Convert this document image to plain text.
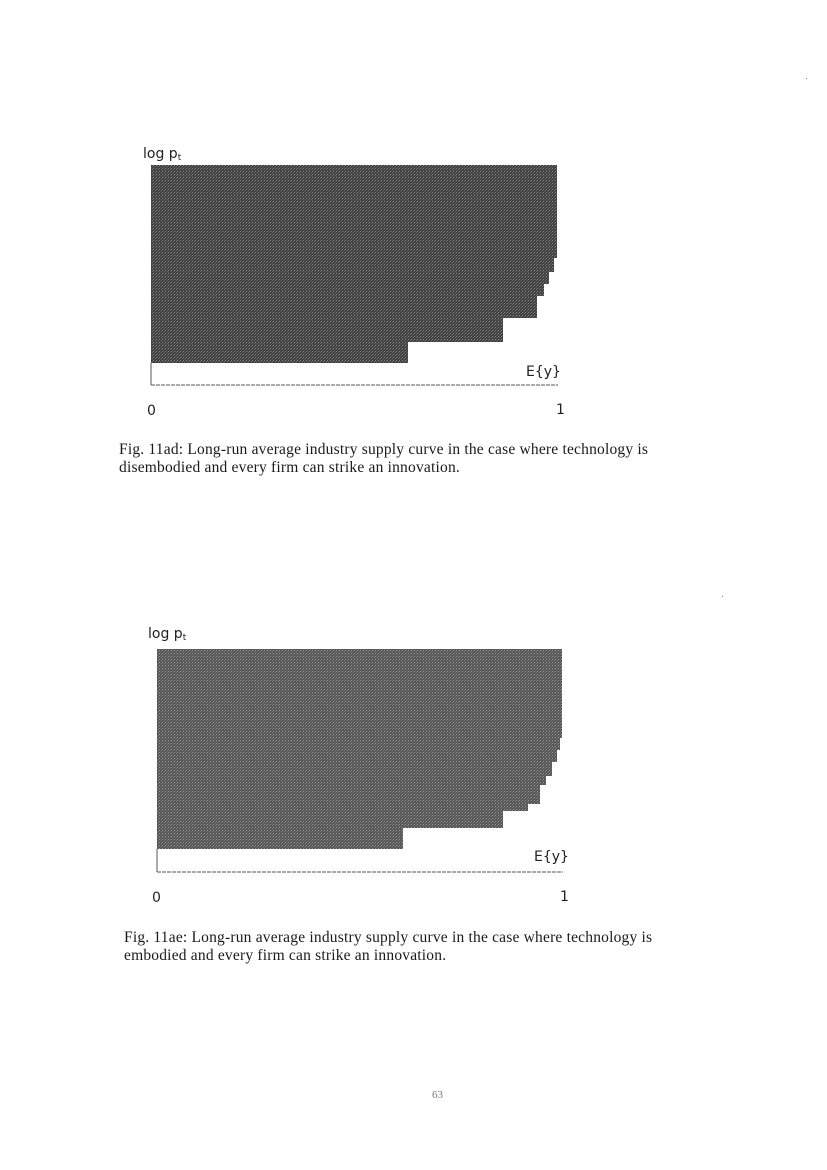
log pt
E{y}
0	1
Fig. 11ad: Long-run average industry supply curve in the case where technology is
disembodied and every firm can strike an innovation.
log pt
E{y}
0	1
Fig. 11ae: Long-run average industry supply curve in the case where technology is
embodied and every firm can strike an innovation.
63
